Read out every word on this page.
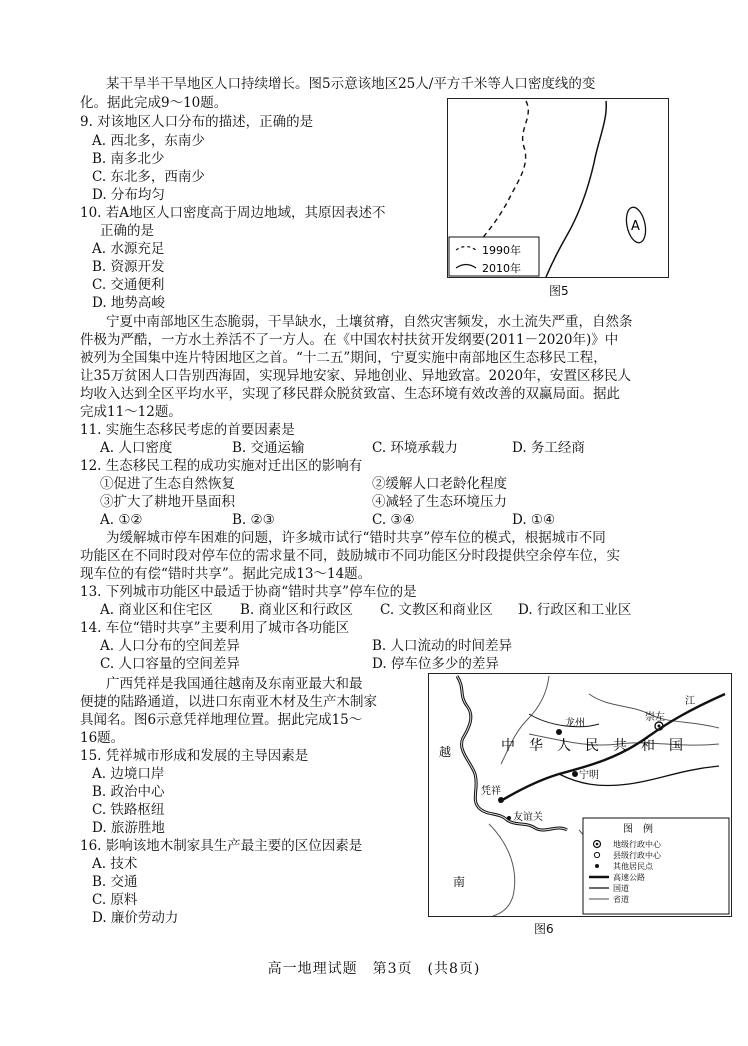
某干旱半干旱地区人口持续增长。图5示意该地区25人/平方千米等人口密度线的变
化。据此完成9～10题。
9. 对该地区人口分布的描述，正确的是
A. 西北多，东南少
B. 南多北少
C. 东北多，西南少
D. 分布均匀
10. 若A地区人口密度高于周边地域，其原因表述不
正确的是
A. 水源充足
B. 资源开发
C. 交通便利
D. 地势高峻
A
1990年
2010年
图5
宁夏中南部地区生态脆弱，干旱缺水，土壤贫瘠，自然灾害频发，水土流失严重，自然条
件极为严酷，一方水土养活不了一方人。在《中国农村扶贫开发纲要(2011－2020年)》中
被列为全国集中连片特困地区之首。“十二五”期间，宁夏实施中南部地区生态移民工程，
让35万贫困人口告别西海固，实现异地安家、异地创业、异地致富。2020年，安置区移民人
均收入达到全区平均水平，实现了移民群众脱贫致富、生态环境有效改善的双赢局面。据此
完成11～12题。
11. 实施生态移民考虑的首要因素是
A. 人口密度	B. 交通运输	C. 环境承载力	D. 务工经商
12. 生态移民工程的成功实施对迁出区的影响有
①促进了生态自然恢复	②缓解人口老龄化程度
③扩大了耕地开垦面积	④减轻了生态环境压力
A. ①②	B. ②③	C. ③④	D. ①④
为缓解城市停车困难的问题，许多城市试行“错时共享”停车位的模式，根据城市不同
功能区在不同时段对停车位的需求量不同，鼓励城市不同功能区分时段提供空余停车位，实
现车位的有偿“错时共享”。据此完成13～14题。
13. 下列城市功能区中最适于协商“错时共享”停车位的是
A. 商业区和住宅区 B. 商业区和行政区 C. 文教区和商业区 D. 行政区和工业区
14. 车位“错时共享”主要利用了城市各功能区
A. 人口分布的空间差异	B. 人口流动的时间差异
C. 人口容量的空间差异	D. 停车位多少的差异
广西凭祥是我国通往越南及东南亚最大和最
便捷的陆路通道，以进口东南亚木材及生产木制家
具闻名。图6示意凭祥地理位置。据此完成15～
16题。
15. 凭祥城市形成和发展的主导因素是
A. 边境口岸
B. 政治中心
C. 铁路枢纽
D. 旅游胜地
16. 影响该地木制家具生产最主要的区位因素是
A. 技术
B. 交通
C. 原料
D. 廉价劳动力
龙州
崇左
凭祥
友谊关
宁明
江
中华人民共和国
越
南
图　例
地级行政中心
县级行政中心
其他居民点
高速公路
国道
省道
图6
高一地理试题　第3页　(共8页)
